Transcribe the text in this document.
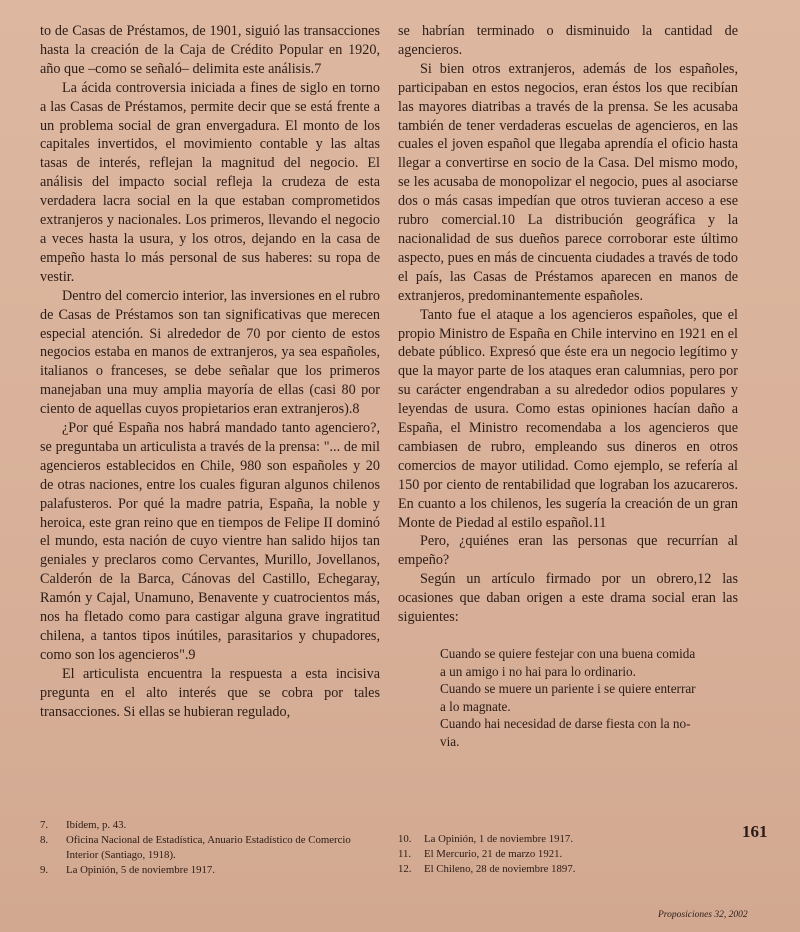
to de Casas de Préstamos, de 1901, siguió las transacciones hasta la creación de la Caja de Crédito Popular en 1920, año que –como se señaló– delimita este análisis.7

La ácida controversia iniciada a fines de siglo en torno a las Casas de Préstamos, permite decir que se está frente a un problema social de gran envergadura. El monto de los capitales invertidos, el movimiento contable y las altas tasas de interés, reflejan la magnitud del negocio. El análisis del impacto social refleja la crudeza de esta verdadera lacra social en la que estaban comprometidos extranjeros y nacionales. Los primeros, llevando el negocio a veces hasta la usura, y los otros, dejando en la casa de empeño hasta lo más personal de sus haberes: su ropa de vestir.

Dentro del comercio interior, las inversiones en el rubro de Casas de Préstamos son tan significativas que merecen especial atención. Si alrededor de 70 por ciento de estos negocios estaba en manos de extranjeros, ya sea españoles, italianos o franceses, se debe señalar que los primeros manejaban una muy amplia mayoría de ellas (casi 80 por ciento de aquellas cuyos propietarios eran extranjeros).8

¿Por qué España nos habrá mandado tanto agenciero?, se preguntaba un articulista a través de la prensa: "... de mil agencieros establecidos en Chile, 980 son españoles y 20 de otras naciones, entre los cuales figuran algunos chilenos palafusteros. Por qué la madre patria, España, la noble y heroica, este gran reino que en tiempos de Felipe II dominó el mundo, esta nación de cuyo vientre han salido hijos tan geniales y preclaros como Cervantes, Murillo, Jovellanos, Calderón de la Barca, Cánovas del Castillo, Echegaray, Ramón y Cajal, Unamuno, Benavente y cuatrocientos más, nos ha fletado como para castigar alguna grave ingratitud chilena, a tantos tipos inútiles, parasitarios y chupadores, como son los agencieros".9

El articulista encuentra la respuesta a esta incisiva pregunta en el alto interés que se cobra por tales transacciones. Si ellas se hubieran regulado,

se habrían terminado o disminuido la cantidad de agencieros.

Si bien otros extranjeros, además de los españoles, participaban en estos negocios, eran éstos los que recibían las mayores diatribas a través de la prensa. Se les acusaba también de tener verdaderas escuelas de agencieros, en las cuales el joven español que llegaba aprendía el oficio hasta llegar a convertirse en socio de la Casa. Del mismo modo, se les acusaba de monopolizar el negocio, pues al asociarse dos o más casas impedían que otros tuvieran acceso a ese rubro comercial.10 La distribución geográfica y la nacionalidad de sus dueños parece corroborar este último aspecto, pues en más de cincuenta ciudades a través de todo el país, las Casas de Préstamos aparecen en manos de extranjeros, predominantemente españoles.

Tanto fue el ataque a los agencieros españoles, que el propio Ministro de España en Chile intervino en 1921 en el debate público. Expresó que éste era un negocio legítimo y que la mayor parte de los ataques eran calumnias, pero por su carácter engendraban a su alrededor odios populares y leyendas de usura. Como estas opiniones hacían daño a España, el Ministro recomendaba a los agencieros que cambiasen de rubro, empleando sus dineros en otros comercios de mayor utilidad. Como ejemplo, se refería al 150 por ciento de rentabilidad que lograban los azucareros. En cuanto a los chilenos, les sugería la creación de un gran Monte de Piedad al estilo español.11

Pero, ¿quiénes eran las personas que recurrían al empeño?

Según un artículo firmado por un obrero,12 las ocasiones que daban origen a este drama social eran las siguientes:

Cuando se quiere festejar con una buena comida
a un amigo i no hai para lo ordinario.
Cuando se muere un pariente i se quiere enterrar
a lo magnate.
Cuando hai necesidad de darse fiesta con la no-
via.
7.	Ibídem, p. 43.
8.	Oficina Nacional de Estadística, Anuario Estadístico de Comercio Interior (Santiago, 1918).
9.	La Opinión, 5 de noviembre 1917.
10.	La Opinión, 1 de noviembre 1917.
11.	El Mercurio, 21 de marzo 1921.
12.	El Chileno, 28 de noviembre 1897.
161
Proposiciones 32, 2002
